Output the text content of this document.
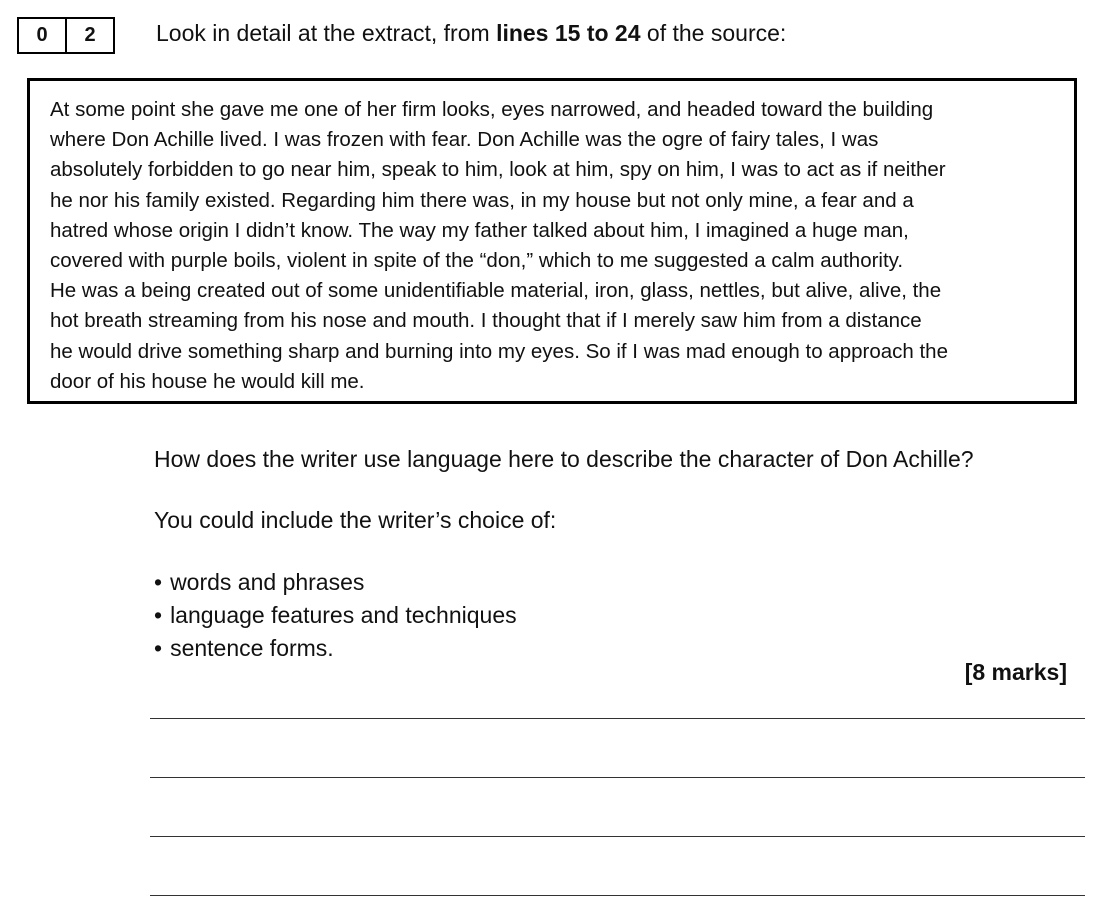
0	2	Look in detail at the extract, from lines 15 to 24 of the source:

At some point she gave me one of her firm looks, eyes narrowed, and headed toward the building
where Don Achille lived. I was frozen with fear. Don Achille was the ogre of fairy tales, I was
absolutely forbidden to go near him, speak to him, look at him, spy on him, I was to act as if neither
he nor his family existed. Regarding him there was, in my house but not only mine, a fear and a
hatred whose origin I didn’t know. The way my father talked about him, I imagined a huge man,
covered with purple boils, violent in spite of the “don,” which to me suggested a calm authority.
He was a being created out of some unidentifiable material, iron, glass, nettles, but alive, alive, the
hot breath streaming from his nose and mouth. I thought that if I merely saw him from a distance
he would drive something sharp and burning into my eyes. So if I was mad enough to approach the
door of his house he would kill me.

How does the writer use language here to describe the character of Don Achille?
You could include the writer’s choice of:
• words and phrases
• language features and techniques
• sentence forms.
[8 marks]
